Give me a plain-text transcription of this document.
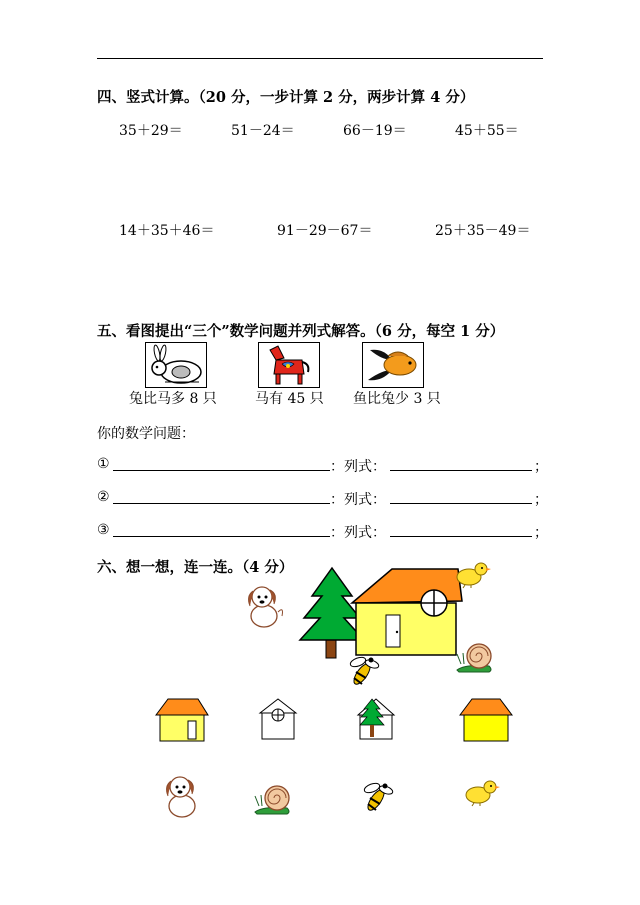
四、竖式计算。（20 分，一步计算 2 分，两步计算 4 分）
35＋29＝	51－24＝	66－19＝	45＋55＝
14＋35＋46＝	91－29－67＝	25＋35－49＝
五、看图提出“三个”数学问题并列式解答。（6 分，每空 1 分）
兔比马多 8 只	马有 45 只 鱼比兔少 3 只
你的数学问题：
①	：列式：	；
②	：列式：	；
③	：列式：	；
六、想一想，连一连。（4 分）
